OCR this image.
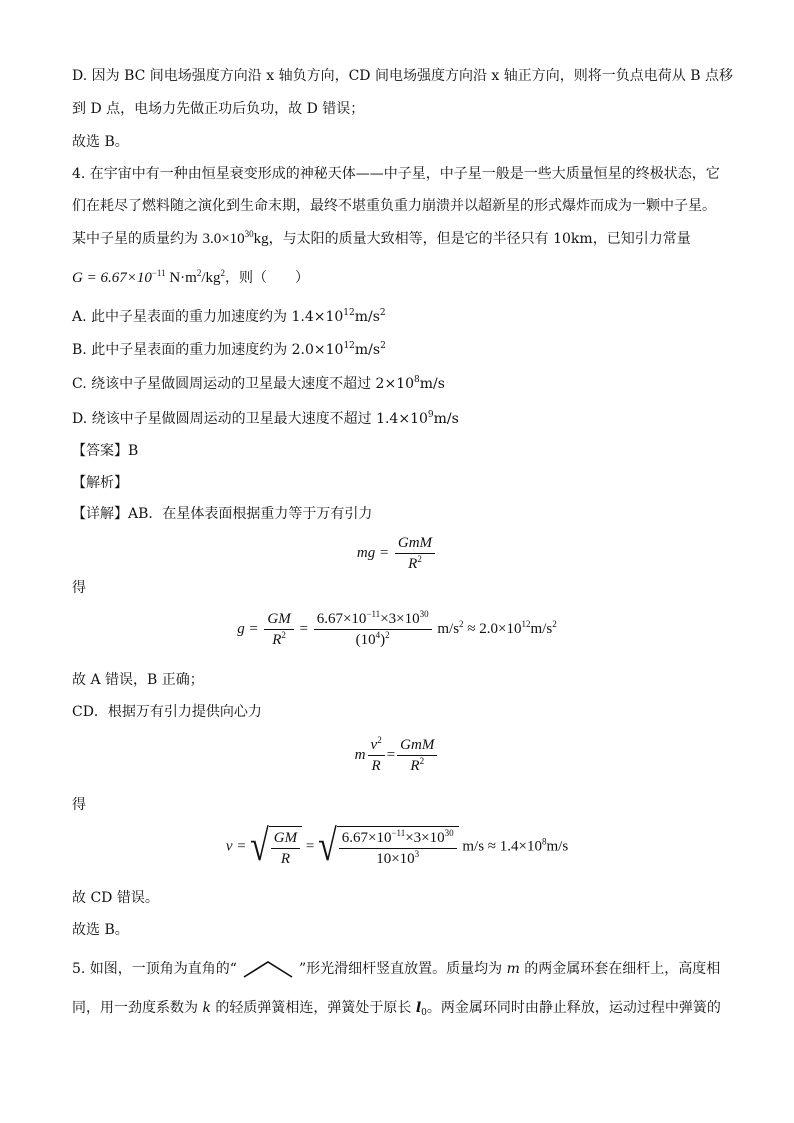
D. 因为 BC 间电场强度方向沿 x 轴负方向，CD 间电场强度方向沿 x 轴正方向，则将一负点电荷从 B 点移
到 D 点，电场力先做正功后负功，故 D 错误；
故选 B。
4. 在宇宙中有一种由恒星衰变形成的神秘天体——中子星，中子星一般是一些大质量恒星的终极状态，它
们在耗尽了燃料随之演化到生命末期，最终不堪重负重力崩溃并以超新星的形式爆炸而成为一颗中子星。
某中子星的质量约为 $3.0\times 10^{30}kg$，与太阳的质量大致相等，但是它的半径只有 10km，已知引力常量
$G = 6.67\times 10^{-11}$ $N\cdot m^2/kg^2$，则（　　）
A. 此中子星表面的重力加速度约为 $1.4\times 10^{12}m/s^2$
B. 此中子星表面的重力加速度约为 $2.0\times 10^{12}m/s^2$
C. 绕该中子星做圆周运动的卫星最大速度不超过 $2\times 10^8m/s$
D. 绕该中子星做圆周运动的卫星最大速度不超过 $1.4\times 10^9m/s$
【答案】B
【解析】
【详解】AB．在星体表面根据重力等于万有引力
mg = $\frac{\text{GmM}}{R^2}$
得
$g = \frac{GM}{R^2} = \frac{6.67\times 10^{-11}\times 3\times 10^{30}}{(10^4)^2} m/s^2 \approx 2.0\times 10^{12}m/s^2$
故 A 错误，B 正确；
CD．根据万有引力提供向心力
m $\frac{v^2}{R} = \frac{\text{GmM}}{R^2}$
得
v = √ $\frac{GM}{R}$ = √ $\frac{6.67\times 10^{-11}\times 3\times 10^{30}}{10\times 10^3} m/s \approx 1.4\times 10^8m/s$
故 CD 错误。
故选 B。
5. 如图，一顶角为直角的“	”形光滑细杆竖直放置。质量均为 m 的两金属环套在细杆上，高度相
同，用一劲度系数为 k 的轻质弹簧相连，弹簧处于原长 $l_0$。两金属环同时由静止释放，运动过程中弹簧的
